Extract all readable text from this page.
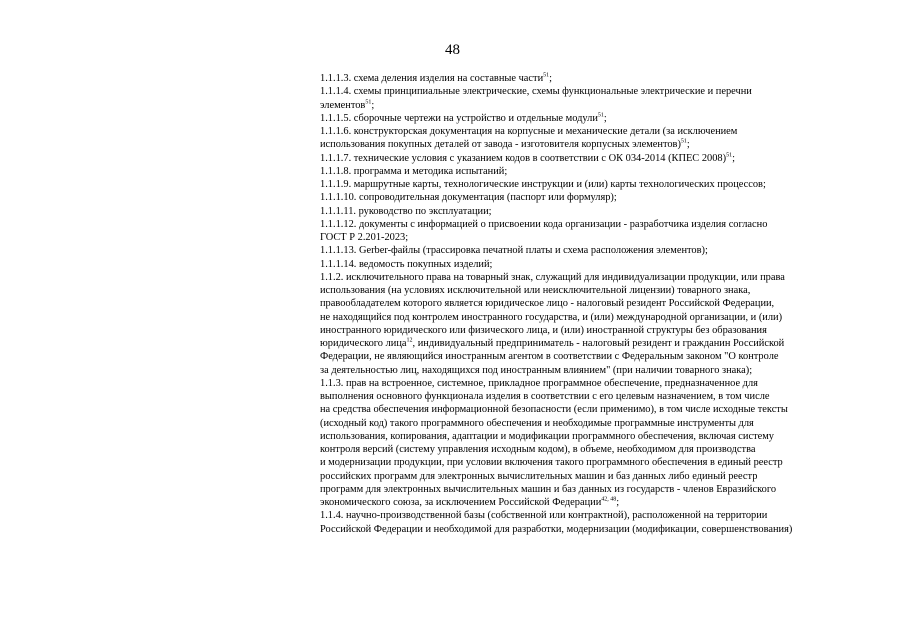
48
1.1.1.3. схема деления изделия на составные части$^{51}$;
1.1.1.4. схемы принципиальные электрические, схемы функциональные электрические и перечни
элементов$^{51}$;
1.1.1.5. сборочные чертежи на устройство и отдельные модули$^{51}$;
1.1.1.6. конструкторская документация на корпусные и механические детали (за исключением
использования покупных деталей от завода - изготовителя корпусных элементов)$^{51}$;
1.1.1.7. технические условия с указанием кодов в соответствии с ОК 034-2014 (КПЕС 2008)$^{51}$;
1.1.1.8. программа и методика испытаний;
1.1.1.9. маршрутные карты, технологические инструкции и (или) карты технологических процессов;
1.1.1.10. сопроводительная документация (паспорт или формуляр);
1.1.1.11. руководство по эксплуатации;
1.1.1.12. документы с информацией о присвоении кода организации - разработчика изделия согласно
ГОСТ Р 2.201-2023;
1.1.1.13. Gerber-файлы (трассировка печатной платы и схема расположения элементов);
1.1.1.14. ведомость покупных изделий;
1.1.2. исключительного права на товарный знак, служащий для индивидуализации продукции, или права
использования (на условиях исключительной или неисключительной лицензии) товарного знака,
правообладателем которого является юридическое лицо - налоговый резидент Российской Федерации,
не находящийся под контролем иностранного государства, и (или) международной организации, и (или)
иностранного юридического или физического лица, и (или) иностранной структуры без образования
юридического лица$^{12}$, индивидуальный предприниматель - налоговый резидент и гражданин Российской
Федерации, не являющийся иностранным агентом в соответствии с Федеральным законом "О контроле
за деятельностью лиц, находящихся под иностранным влиянием" (при наличии товарного знака);
1.1.3. прав на встроенное, системное, прикладное программное обеспечение, предназначенное для
выполнения основного функционала изделия в соответствии с его целевым назначением, в том числе
на средства обеспечения информационной безопасности (если применимо), в том числе исходные тексты
(исходный код) такого программного обеспечения и необходимые программные инструменты для
использования, копирования, адаптации и модификации программного обеспечения, включая систему
контроля версий (систему управления исходным кодом), в объеме, необходимом для производства
и модернизации продукции, при условии включения такого программного обеспечения в единый реестр
российских программ для электронных вычислительных машин и баз данных либо единый реестр
программ для электронных вычислительных машин и баз данных из государств - членов Евразийского
экономического союза, за исключением Российской Федерации$^{42, 48}$;
1.1.4. научно-производственной базы (собственной или контрактной), расположенной на территории
Российской Федерации и необходимой для разработки, модернизации (модификации, совершенствования)
